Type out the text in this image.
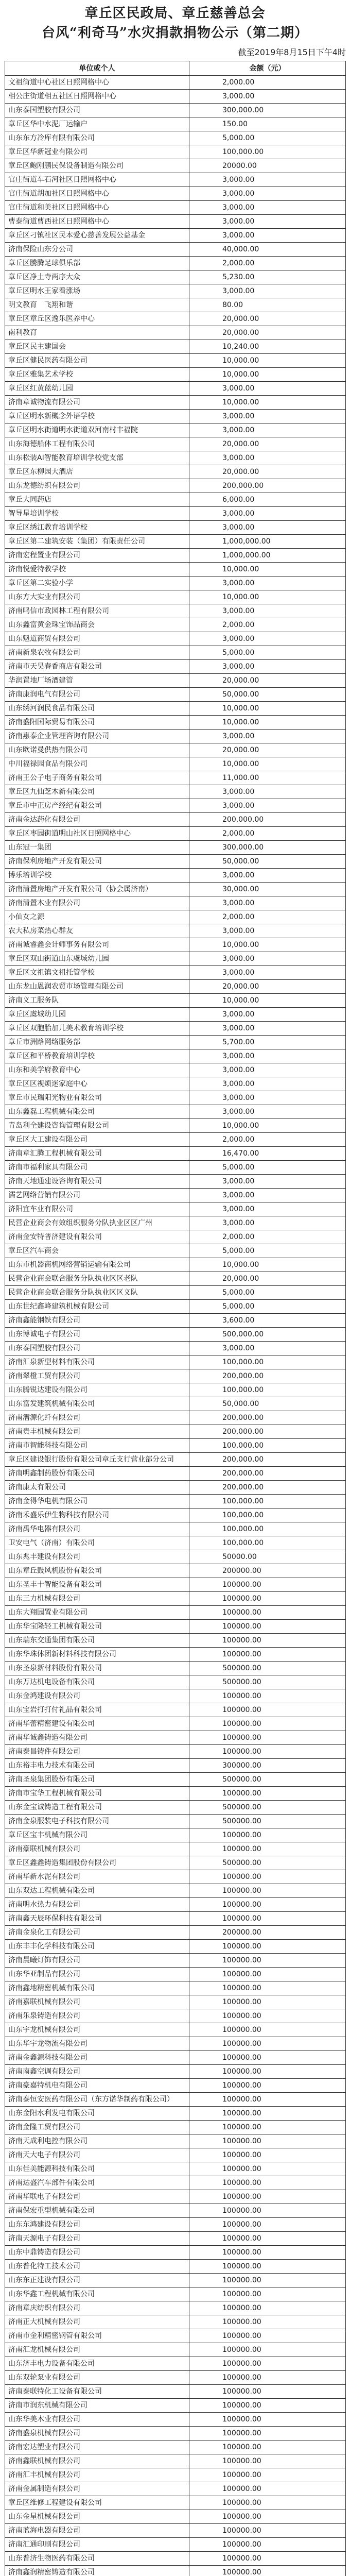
章丘区民政局、章丘慈善总会
台风“利奇马”水灾捐款捐物公示（第二期）
截至2019年8月15日下午4时
单位或个人	金额（元）
文祖街道中心社区日照网格中心	2,000.00
相公庄街道相五社区日照网格中心	3,000.00
山东泰国塑胶有限公司	300,000.00
章丘区华中水泥厂运输户	150.00
山东东方冷库有限有限公司	5,000.00
章丘区华新冠业有限公司	100,000.00
章丘区鲍刚鹏民保设备制造有限公司	20000.00
官庄街道车石河社区日照网格中心	3,000.00
官庄街道胡加社区日照网格中心	3,000.00
官庄街道和美社区日照网格中心	3,000.00
曹泰街道曹西社区日照网格中心	3,000.00
章丘区刁镇社区民本爱心慈善发展公益基金	3,000.00
济南保险山东分公司	40,000.00
章丘区騰腾足球俱乐部	2,000.00
章丘区净土寺两序大众	5,230.00
章丘区明水王家看涨场	3,000.00
明文教育　飞翔和谐	80.00
章丘区章丘区逸乐医养中心	20,000.00
南利教育	20,000.00
章丘区民主建国会	10,240.00
章丘区健民医药有限公司	10,000.00
章丘区雅集艺术学校	10,000.00
章丘区红黄蓝幼儿园	3,000.00
济南章诚物流有限公司	10,000.00
章丘区明水新概念外语学校	3,000.00
章丘区明水街道明水街道双河南村丰福院	3,000.00
山东海德船体工程有限公司	20,000.00
山东松装AI智能教育培训学校党支部	3,000.00
章丘区东柳园大酒店	20,000.00
山东龙德纺织有限公司	200,000.00
章丘大同药店	6,000.00
智导星培训学校	3,000.00
章丘区绣江教育培训学校	3,000.00
章丘区第二建筑安装（集团）有限责任公司	1,000,000.00
济南宏程置业有限公司	1,000,000.00
济南悦爱特教学校	10,000.00
章丘区第二实验小学	3,000.00
山东方大实业有限公司	10,000.00
济南鸣信市政园林工程有限公司	3,000.00
山东鑫富黄金珠宝饰品商会	2,000.00
山东魁道商贸有限公司	3,000.00
济南新泉农牧有限公司	5,000.00
济南市天昊春香商店有限公司	3,000.00
华润置地厂场酒建管	20,000.00
济南康润电气有限公司	50,000.00
山东绣河润民食品有限公司	10,000.00
济南盛阳国际贸易有限公司	10,000.00
济南惠泰企业管理咨询有限公司	3,000.00
山东欧诺曼供热有限公司	20,000.00
中川福禄园食品有限公司	10,000.00
济南王公子电子商务有限公司	11,000.00
章丘区九仙芝木新有限公司	3,000.00
章丘市中正房产经纪有限公司	3,000.00
济南金达药化有限公司	200,000.00
章丘区枣园街道明山社区日照网格中心	2,000.00
山东冠一集团	300,000.00
济南保利房地产开发有限公司	50,000.00
博乐培训学校	3,000.00
济南清置房地产开发有限公司（协会属济南）	30,000.00
济南清置木业有限公司	3,000.00
小仙女之源	2,000.00
农大私房菜热心群友	3,000.00
济南诚睿鑫会计师事务有限公司	10,000.00
章丘区双山街道山东虞城幼儿园	3,000.00
章丘区文祖镇文祖托管学校	3,000.00
山东龙山恩润农贸市场管理有限公司	20,000.00
济南义工服务队	10,000.00
章丘区虞城幼儿园	3,000.00
章丘区双胞胎加儿美术教育培训学校	3,000.00
章丘市洲路网络服务部	5,700.00
章丘区和平桥教育培训学校	3,000.00
山东和美学府教育中心	3,000.00
章丘区区视烦迷家庭中心	3,000.00
章丘市民瑞阳光物业有限公司	3,000.00
山东鑫磊工程机械有限公司	3,000.00
青岛利全建设咨询管理有限公司	10,000.00
章丘区大工建设有限公司	2,000.00
济南章汇腾工程机械有限公司	16,470.00
济南市福利家具有限公司	5,000.00
济南天地通建设咨询有限公司	3,000.00
濡艺网络营销有限公司	3,000.00
济阳宜车业有限公司	3,000.00
民营企业商会有效组织服务分队执业区区广州	3,000.00
济南金安特普济建设有限公司	2,000.00
章丘区汽车商会	5,000.00
山东市机器商机网络营销运输有限公司	10,000.00
民营企业商会联合服务分队执业区区老队	20,000.00
民营企业商会联合服务分队执业区区义队	5,000.00
山东世纪鑫峰建筑机械有限公司	5,000.00
济南鑫能钢铁有限公司	3,600.00
山东博诚电子有限公司	500,000.00
山东泰国塑胶有限公司	3,000.00
济南汇泉新型材料有限公司	100,000.00
济南翠橙工贸有限公司	200,000.00
山东腾锐达建设有限公司	100,000.00
山东富发建筑机械有限公司	50,000.00
济南潜源化纤有限公司	200,000.00
济南贵丰机械有限公司	200,000.00
济南市智能科技有限公司	100,000.00
章丘区建设银行股份有限公司章丘支行营业部分公司	200,000.00
济南明鑫制药股份有限公司	200,000.00
济南康太有限公司	200,000.00
济南金得华电机有限公司	100,000.00
济南禾盛乐伊生物科技有限公司	100,000.00
济南禹华电器有限公司	100,000.00
卫安电气（济南）有限公司	100,000.00
山东兆丰建设有限公司	50000.00
山东章丘鼓风机股份有限公司	200000.00
山东圣丰十智能设备有限公司	100000.00
山东三力机械有限公司	100000.00
山东大翔园置业有限公司	100000.00
山东华宝隆轻工机械有限公司	100000.00
山东瑞东交通集团有限公司	100000.00
山东华珠体团新材料科技有限公司	100000.00
山东圣泉新材料股份有限公司	500000.00
山东万达机电设备有限公司	500000.00
山东金鸿建设有限公司	100000.00
山东宝岩打打付礼品有限公司	100000.00
济南华蕾精密建设有限公司	100000.00
济南华诚鑫铸造有限公司	100000.00
济南泰昌铸件有限公司	100000.00
山东裕丰电力技术有限公司	300000.00
济南圣泉集团股份有限公司	500000.00
济南市宝华工程机械有限公司	100000.00
山东金宝诚铸造工程有限公司	500000.00
济南金泉服装电子科技有限公司	500000.00
章丘区宝丰机械有限公司	100000.00
济南豪联机械有限公司	100000.00
章丘区鑫鑫铸造集团股份有限公司	500000.00
济南华新水泥有限公司	100000.00
山东双达工程机械有限公司	100000.00
济南明水热力有限公司	100000.00
济南鑫天辰环保科技有限公司	100000.00
济南金泉化工有限公司	200000.00
山东丰丰化学科技有限公司	100000.00
济南晨曦灯饰有限公司	100000.00
山东华亚制品有限公司	100000.00
济南鑫地精密机械有限公司	100000.00
济南嘉联机械有限公司	100000.00
济南乐泉铸造有限公司	100000.00
山东宇龙机械有限公司	100000.00
山东华宇龙物流有限公司	100000.00
济南金鑫源科技有限公司	100000.00
济南南鑫空调有限公司	100000.00
济南豪嘉特机电有限公司	100000.00
济南泰恒安医药有限公司（东方诺华制药有限公司）	100000.00
山东金阳水利发电有限公司	100000.00
济南金隆工贸有限公司	100000.00
济南天成利电控有限公司	100000.00
济南天大电子有限公司	100000.00
山东佳美能源科技有限公司	100000.00
济南达盛汽车部件有限公司	100000.00
济南华联电子有限公司	100000.00
济南保宏重型机械有限公司	100000.00
山东东鸿建设有限公司	100000.00
济南天源电子有限公司	100000.00
山东中鼎铸造有限公司	100000.00
山东普化特工技术公司	100000.00
山东东正建设有限公司	100000.00
山东华鑫工程机械有限公司	100000.00
济南章庆纺织有限公司	100000.00
济南正大机械有限公司	100000.00
济南市金利精密钢管有限公司	100000.00
济南汇龙机械有限公司	100000.00
山东济丰电力设备有限公司	100000.00
山东双轮泵业有限公司	100000.00
济南泰联特化工设备有限公司	100000.00
济南市润东机械有限公司	100000.00
山东华美木业有限公司	100000.00
济南盛泉机械有限公司	100000.00
济南宏达塑业有限公司	100000.00
济南鑫联机械有限公司	100000.00
济南汇丰机械有限公司	100000.00
济南金属制造有限公司	100000.00
章丘区维修工程建设有限公司	100000.00
山东金星机械有限公司	100000.00
济南蓝海电器有限公司	100000.00
济南汇通印刷有限公司	100000.00
山东普济生物医药有限公司	100000.00
济南鑫润精密铸造有限公司	100000.00
